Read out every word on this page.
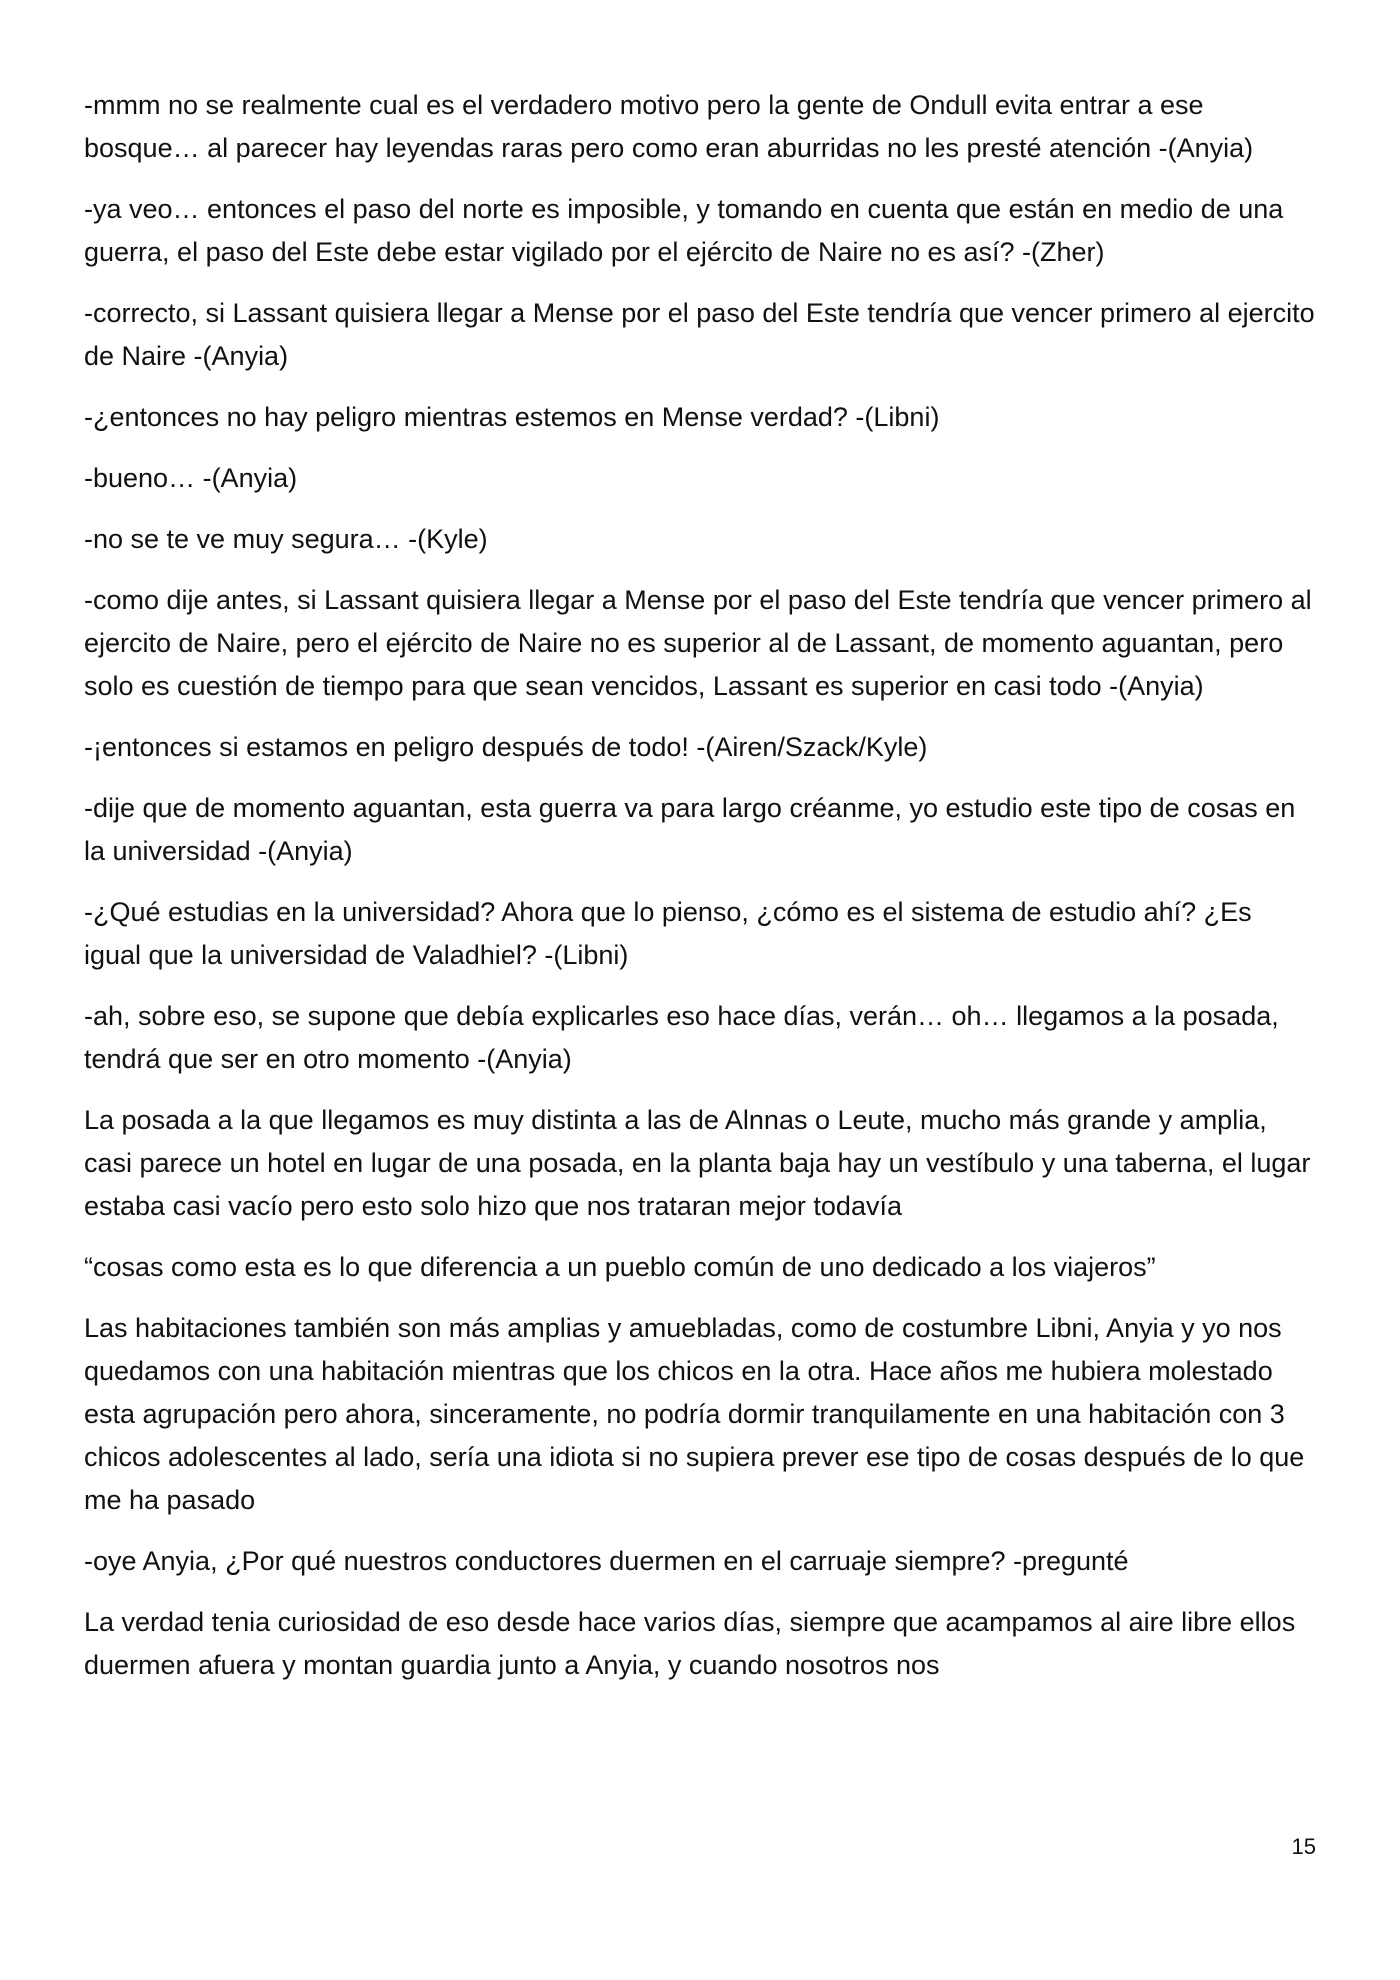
-mmm no se realmente cual es el verdadero motivo pero la gente de Ondull evita entrar a ese bosque… al parecer hay leyendas raras pero como eran aburridas no les presté atención -(Anyia)

-ya veo… entonces el paso del norte es imposible, y tomando en cuenta que están en medio de una guerra, el paso del Este debe estar vigilado por el ejército de Naire no es así? -(Zher)

-correcto, si Lassant quisiera llegar a Mense por el paso del Este tendría que vencer primero al ejercito de Naire -(Anyia)

-¿entonces no hay peligro mientras estemos en Mense verdad? -(Libni)

-bueno… -(Anyia)

-no se te ve muy segura… -(Kyle)

-como dije antes, si Lassant quisiera llegar a Mense por el paso del Este tendría que vencer primero al ejercito de Naire, pero el ejército de Naire no es superior al de Lassant, de momento aguantan, pero solo es cuestión de tiempo para que sean vencidos, Lassant es superior en casi todo -(Anyia)

-¡entonces si estamos en peligro después de todo! -(Airen/Szack/Kyle)

-dije que de momento aguantan, esta guerra va para largo créanme, yo estudio este tipo de cosas en la universidad -(Anyia)

-¿Qué estudias en la universidad? Ahora que lo pienso, ¿cómo es el sistema de estudio ahí? ¿Es igual que la universidad de Valadhiel? -(Libni)

-ah, sobre eso, se supone que debía explicarles eso hace días, verán… oh… llegamos a la posada, tendrá que ser en otro momento -(Anyia)

La posada a la que llegamos es muy distinta a las de Alnnas o Leute, mucho más grande y amplia, casi parece un hotel en lugar de una posada, en la planta baja hay un vestíbulo y una taberna, el lugar estaba casi vacío pero esto solo hizo que nos trataran mejor todavía

“cosas como esta es lo que diferencia a un pueblo común de uno dedicado a los viajeros”

Las habitaciones también son más amplias y amuebladas, como de costumbre Libni, Anyia y yo nos quedamos con una habitación mientras que los chicos en la otra. Hace años me hubiera molestado esta agrupación pero ahora, sinceramente, no podría dormir tranquilamente en una habitación con 3 chicos adolescentes al lado, sería una idiota si no supiera prever ese tipo de cosas después de lo que me ha pasado

-oye Anyia, ¿Por qué nuestros conductores duermen en el carruaje siempre? -pregunté

La verdad tenia curiosidad de eso desde hace varios días, siempre que acampamos al aire libre ellos duermen afuera y montan guardia junto a Anyia, y cuando nosotros nos

15
